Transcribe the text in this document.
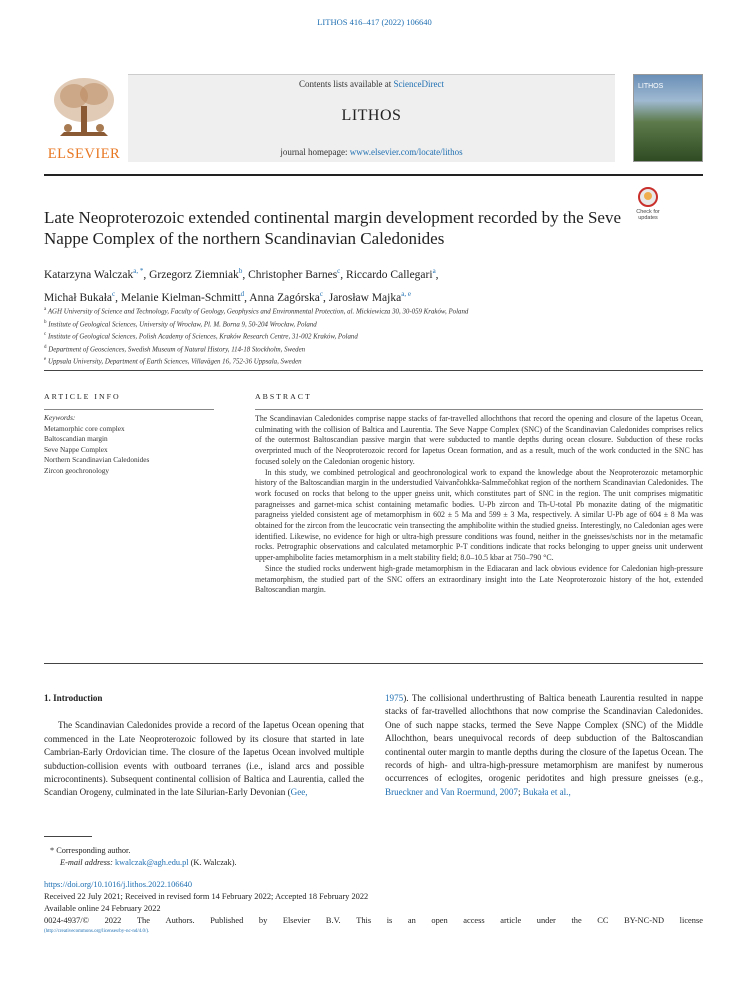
LITHOS 416–417 (2022) 106640
ELSEVIER
Contents lists available at ScienceDirect
LITHOS
journal homepage: www.elsevier.com/locate/lithos
LITHOS
Check for
updates
Late Neoproterozoic extended continental margin development recorded by the Seve Nappe Complex of the northern Scandinavian Caledonides
Katarzyna Walczak$^{a, *}$, Grzegorz Ziemniak$^b$, Christopher Barnes$^c$, Riccardo Callegari$^a$,
Michał Bukała$^c$, Melanie Kielman-Schmitt$^d$, Anna Zagórska$^c$, Jarosław Majka$^{a, e}$
$^a$ AGH University of Science and Technology, Faculty of Geology, Geophysics and Environmental Protection, al. Mickiewicza 30, 30-059 Kraków, Poland
$^b$ Institute of Geological Sciences, University of Wrocław, Pl. M. Borna 9, 50-204 Wrocław, Poland
$^c$ Institute of Geological Sciences, Polish Academy of Sciences, Kraków Research Centre, 31-002 Kraków, Poland
$^d$ Department of Geosciences, Swedish Museum of Natural History, 114-18 Stockholm, Sweden
$^e$ Uppsala University, Department of Earth Sciences, Villavägen 16, 752-36 Uppsala, Sweden
ARTICLE INFO	ABSTRACT
Keywords:
Metamorphic core complex
Baltoscandian margin
Seve Nappe Complex
Northern Scandinavian Caledonides
Zircon geochronology

The Scandinavian Caledonides comprise nappe stacks of far-travelled allochthons that record the opening and closure of the Iapetus Ocean, culminating with the collision of Baltica and Laurentia. The Seve Nappe Complex (SNC) of the Scandinavian Caledonides comprises relics of the outermost Baltoscandian passive margin that were subducted to mantle depths during ocean closure. Subduction of these rocks overprinted much of the Neoproterozoic record for Iapetus Ocean formation, and as a result, much of the work conducted in the SNC has focused solely on the Caledonian orogenic history.

In this study, we combined petrological and geochronological work to expand the knowledge about the Neoproterozoic metamorphic history of the Baltoscandian margin in the understudied Vaivančohkka-Salmmečohkat region of the northern Scandinavian Caledonides. The work focused on rocks that belong to the upper gneiss unit, which constitutes part of SNC in the region. The unit comprises migmatitic paragneisses and garnet-mica schist containing metamafic bodies. U-Pb zircon and Th-U-total Pb monazite dating of the migmatitic paragneiss yielded consistent age of metamorphism in 602 ± 5 Ma and 599 ± 3 Ma, respectively. A similar U-Pb age of 604 ± 8 Ma was obtained for the zircon from the leucocratic vein transecting the amphibolite within the studied gneiss. Interestingly, no Caledonian ages were identified. Likewise, no evidence for high or ultra-high pressure conditions was found, neither in the gneisses/schists nor in the metamafic rocks. Petrographic observations and calculated metamorphic P-T conditions indicate that rocks belonging to upper gneiss unit underwent upper-amphibolite facies metamorphism in a melt stability field; 8.0–10.5 kbar at 750–790 °C.

Since the studied rocks underwent high-grade metamorphism in the Ediacaran and lack obvious evidence for Caledonian high-pressure metamorphism, the studied part of the SNC offers an extraordinary insight into the Late Neoproterozoic history of the hot, extended Baltoscandian margin.

1. Introduction

The Scandinavian Caledonides provide a record of the Iapetus Ocean opening that commenced in the Late Neoproterozoic followed by its closure that started in late Cambrian-Early Ordovician time. The closure of the Iapetus Ocean involved multiple subduction-collision events with outboard terranes (i.e., island arcs and possible microcontinents). Subsequent continental collision of Baltica and Laurentia, called the Scandian Orogeny, culminated in the late Silurian-Early Devonian (Gee,

1975). The collisional underthrusting of Baltica beneath Laurentia resulted in nappe stacks of far-travelled allochthons that now comprise the Scandinavian Caledonides. One of such nappe stacks, termed the Seve Nappe Complex (SNC) of the Middle Allochthon, bears unequivocal records of deep subduction of the Baltoscandian continental outer margin to mantle depths during the closure of the Iapetus Ocean. The records of high- and ultra-high-pressure metamorphism are manifest by numerous occurrences of eclogites, orogenic peridotites and high pressure gneisses (e.g., Brueckner and Van Roermund, 2007; Bukała et al.,

* Corresponding author.
E-mail address: kwalczak@agh.edu.pl (K. Walczak).
https://doi.org/10.1016/j.lithos.2022.106640
Received 22 July 2021; Received in revised form 14 February 2022; Accepted 18 February 2022
Available online 24 February 2022
0024-4937/© 2022 The Authors. Published by Elsevier B.V. This is an open access article under the CC BY-NC-ND license
(http://creativecommons.org/licenses/by-nc-nd/4.0/).
